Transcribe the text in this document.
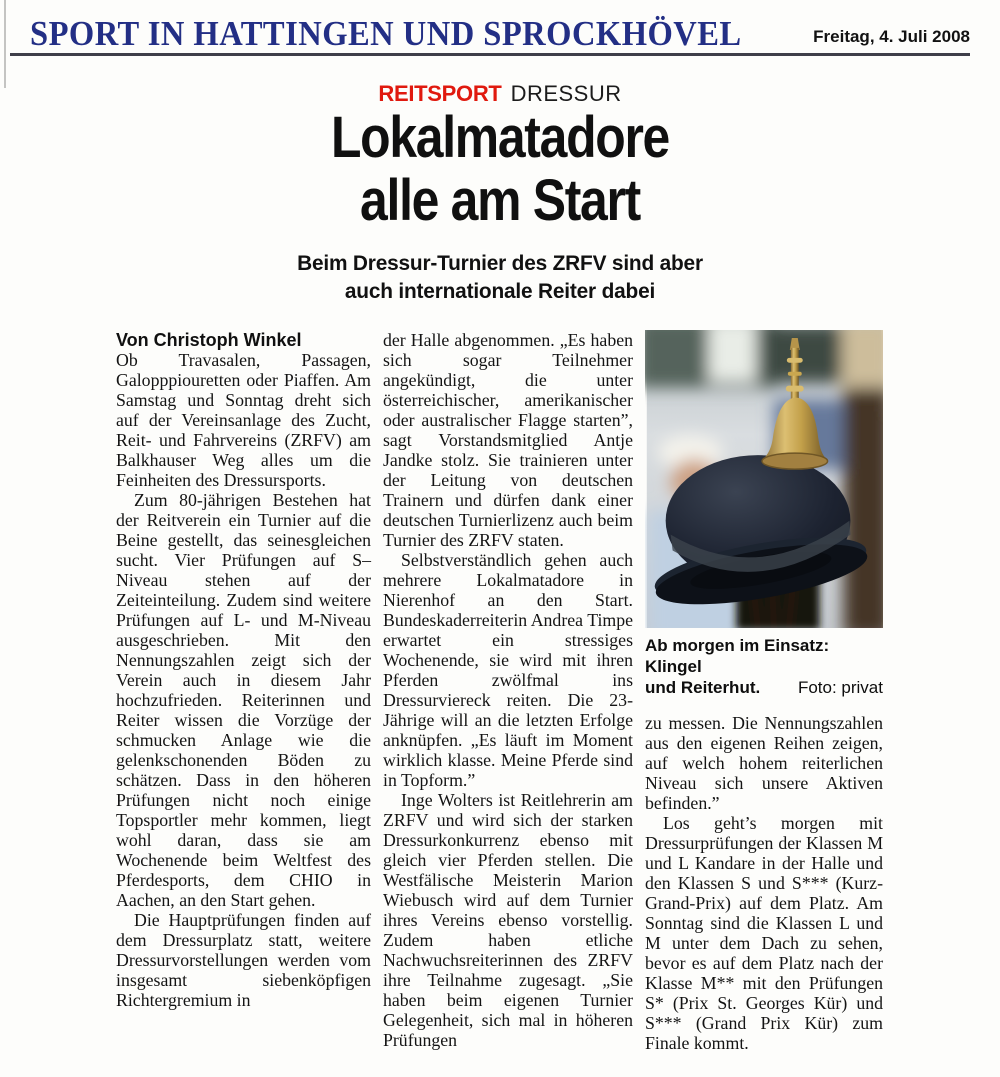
SPORT IN HATTINGEN UND SPROCKHÖVEL	Freitag, 4. Juli 2008
REITSPORT DRESSUR
Lokalmatadore
alle am Start
Beim Dressur-Turnier des ZRFV sind aber
auch internationale Reiter dabei

Von Christoph Winkel

Ob Travasalen, Passagen, Galopppiouretten oder Piaffen. Am Samstag und Sonntag dreht sich auf der Vereinsanlage des Zucht, Reit- und Fahrvereins (ZRFV) am Balkhauser Weg alles um die Feinheiten des Dressursports.

Zum 80-jährigen Bestehen hat der Reitverein ein Turnier auf die Beine gestellt, das seinesgleichen sucht. Vier Prüfungen auf S–Niveau stehen auf der Zeiteinteilung. Zudem sind weitere Prüfungen auf L- und M-Niveau ausgeschrieben. Mit den Nennungszahlen zeigt sich der Verein auch in diesem Jahr hochzufrieden. Reiterinnen und Reiter wissen die Vorzüge der schmucken Anlage wie die gelenkschonenden Böden zu schätzen. Dass in den höheren Prüfungen nicht noch einige Topsportler mehr kommen, liegt wohl daran, dass sie am Wochenende beim Weltfest des Pferdesports, dem CHIO in Aachen, an den Start gehen.

Die Hauptprüfungen finden auf dem Dressurplatz statt, weitere Dressurvorstellungen werden vom insgesamt siebenköpfigen Richtergremium in

der Halle abgenommen. „Es haben sich sogar Teilnehmer angekündigt, die unter österreichischer, amerikanischer oder australischer Flagge starten”, sagt Vorstandsmitglied Antje Jandke stolz. Sie trainieren unter der Leitung von deutschen Trainern und dürfen dank einer deutschen Turnierlizenz auch beim Turnier des ZRFV staten.

Selbstverständlich gehen auch mehrere Lokalmatadore in Nierenhof an den Start. Bundeskaderreiterin Andrea Timpe erwartet ein stressiges Wochenende, sie wird mit ihren Pferden zwölfmal ins Dressurviereck reiten. Die 23-Jährige will an die letzten Erfolge anknüpfen. „Es läuft im Moment wirklich klasse. Meine Pferde sind in Topform.”

Inge Wolters ist Reitlehrerin am ZRFV und wird sich der starken Dressurkonkurrenz ebenso mit gleich vier Pferden stellen. Die Westfälische Meisterin Marion Wiebusch wird auf dem Turnier ihres Vereins ebenso vorstellig. Zudem haben etliche Nachwuchsreiterinnen des ZRFV ihre Teilnahme zugesagt. „Sie haben beim eigenen Turnier Gelegenheit, sich mal in höheren Prüfungen

Ab morgen im Einsatz: Klingel
und Reiterhut. Foto: privat

zu messen. Die Nennungszahlen aus den eigenen Reihen zeigen, auf welch hohem reiterlichen Niveau sich unsere Aktiven befinden.”

Los geht’s morgen mit Dressurprüfungen der Klassen M und L Kandare in der Halle und den Klassen S und S*** (Kurz-Grand-Prix) auf dem Platz. Am Sonntag sind die Klassen L und M unter dem Dach zu sehen, bevor es auf dem Platz nach der Klasse M** mit den Prüfungen S* (Prix St. Georges Kür) und S*** (Grand Prix Kür) zum Finale kommt.
